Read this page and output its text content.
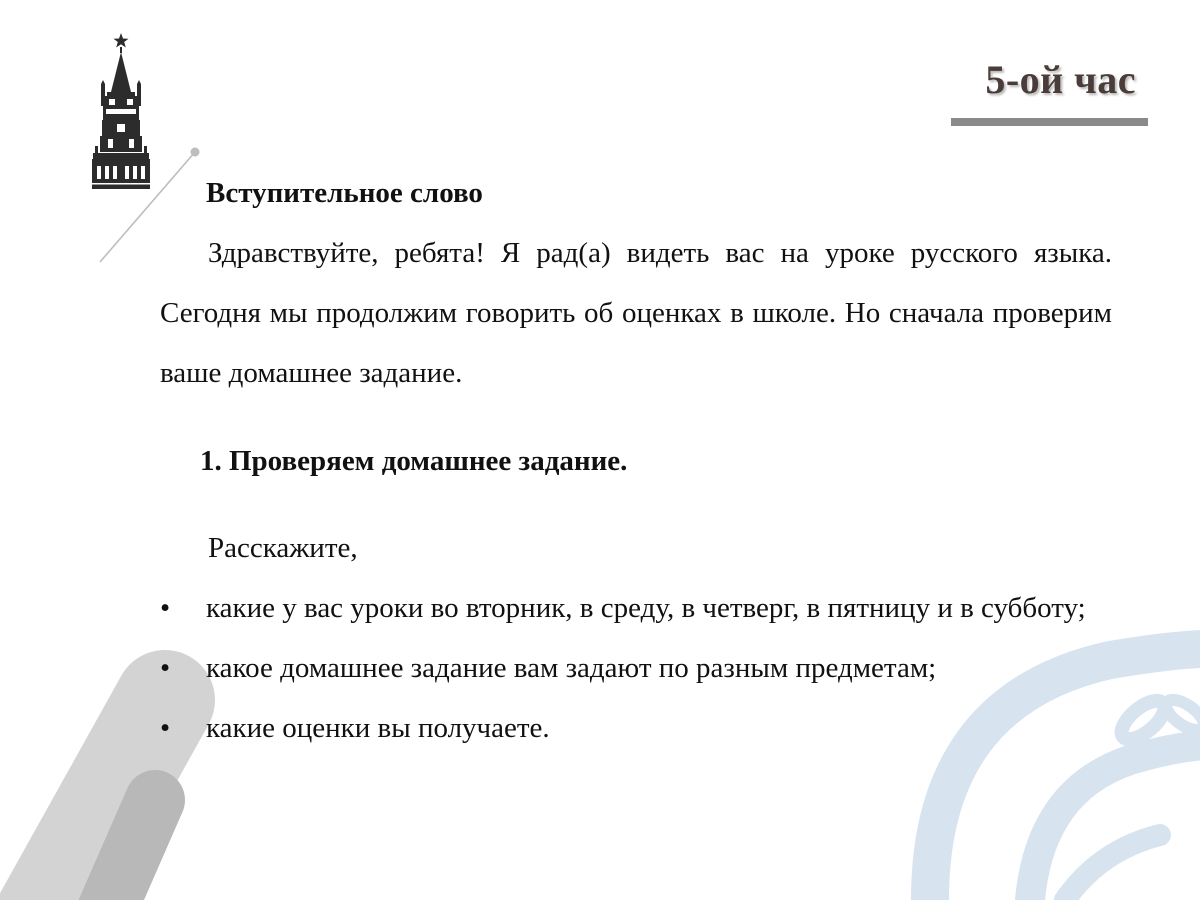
5-ой час

Вступительное слово

Здравствуйте, ребята! Я рад(а) видеть вас на уроке русского языка. Сегодня мы продолжим говорить об оценках в школе. Но сначала проверим ваше домашнее задание.

1. Проверяем домашнее задание.

Расскажите,

• какие у вас уроки во вторник, в среду, в четверг, в пятницу и в субботу;
• какое домашнее задание вам задают по разным предметам;
• какие оценки вы получаете.
